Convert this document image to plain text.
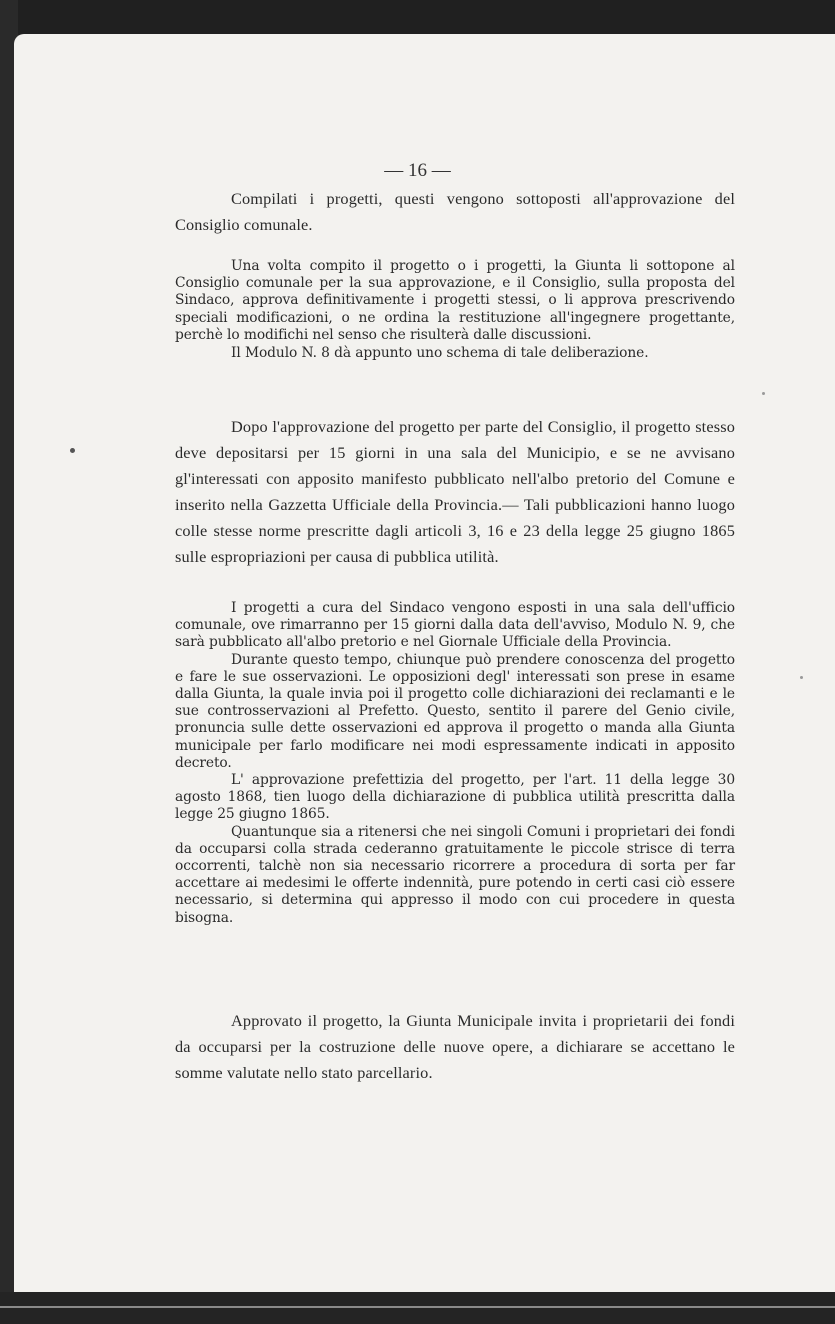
— 16 —

Compilati i progetti, questi vengono sottoposti all'approvazione del Consiglio comunale.

Una volta compito il progetto o i progetti, la Giunta li sottopone al Consiglio comunale per la sua approvazione, e il Consiglio, sulla proposta del Sindaco, approva definitivamente i progetti stessi, o li approva prescrivendo speciali modificazioni, o ne ordina la restituzione all'ingegnere progettante, perchè lo modifichi nel senso che risulterà dalle discussioni.

Il Modulo N. 8 dà appunto uno schema di tale deliberazione.

Dopo l'approvazione del progetto per parte del Consiglio, il progetto stesso deve depositarsi per 15 giorni in una sala del Municipio, e se ne avvisano gl'interessati con apposito manifesto pubblicato nell'albo pretorio del Comune e inserito nella Gazzetta Ufficiale della Provincia.— Tali pubblicazioni hanno luogo colle stesse norme prescritte dagli articoli 3, 16 e 23 della legge 25 giugno 1865 sulle espropriazioni per causa di pubblica utilità.

I progetti a cura del Sindaco vengono esposti in una sala dell'ufficio comunale, ove rimarranno per 15 giorni dalla data dell'avviso, Modulo N. 9, che sarà pubblicato all'albo pretorio e nel Giornale Ufficiale della Provincia.

Durante questo tempo, chiunque può prendere conoscenza del progetto e fare le sue osservazioni. Le opposizioni degl' interessati son prese in esame dalla Giunta, la quale invia poi il progetto colle dichiarazioni dei reclamanti e le sue controsservazioni al Prefetto. Questo, sentito il parere del Genio civile, pronuncia sulle dette osservazioni ed approva il progetto o manda alla Giunta municipale per farlo modificare nei modi espressamente indicati in apposito decreto.

L' approvazione prefettizia del progetto, per l'art. 11 della legge 30 agosto 1868, tien luogo della dichiarazione di pubblica utilità prescritta dalla legge 25 giugno 1865.

Quantunque sia a ritenersi che nei singoli Comuni i proprietari dei fondi da occuparsi colla strada cederanno gratuitamente le piccole strisce di terra occorrenti, talchè non sia necessario ricorrere a procedura di sorta per far accettare ai medesimi le offerte indennità, pure potendo in certi casi ciò essere necessario, si determina qui appresso il modo con cui procedere in questa bisogna.

Approvato il progetto, la Giunta Municipale invita i proprietarii dei fondi da occuparsi per la costruzione delle nuove opere, a dichiarare se accettano le somme valutate nello stato parcellario.
